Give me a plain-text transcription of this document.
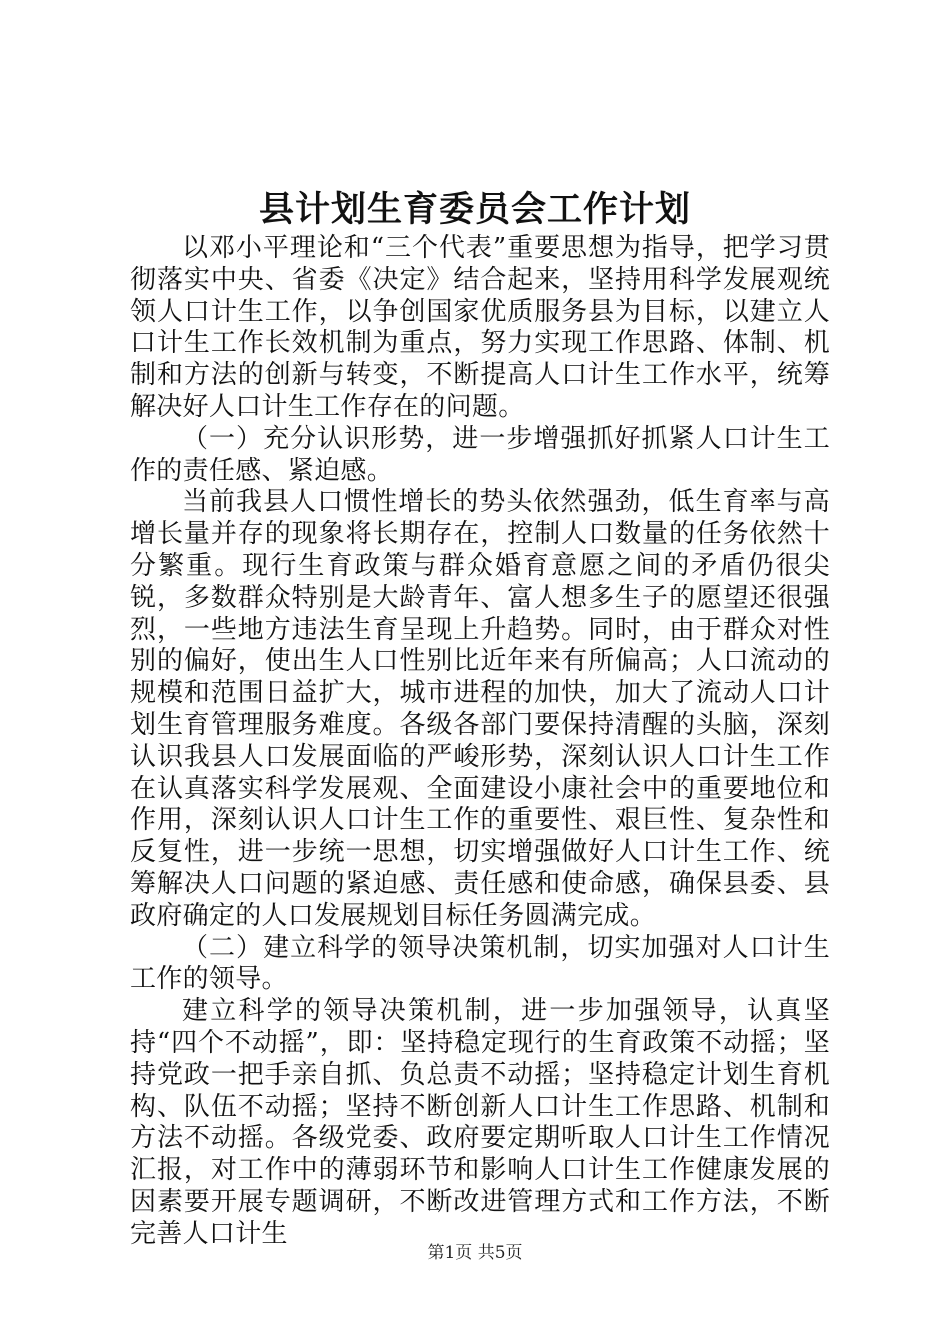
县计划生育委员会工作计划

以邓小平理论和“三个代表”重要思想为指导，把学习贯彻落实中央、省委《决定》结合起来，坚持用科学发展观统领人口计生工作，以争创国家优质服务县为目标，以建立人口计生工作长效机制为重点，努力实现工作思路、体制、机制和方法的创新与转变，不断提高人口计生工作水平，统筹解决好人口计生工作存在的问题。

（一）充分认识形势，进一步增强抓好抓紧人口计生工作的责任感、紧迫感。

当前我县人口惯性增长的势头依然强劲，低生育率与高增长量并存的现象将长期存在，控制人口数量的任务依然十分繁重。现行生育政策与群众婚育意愿之间的矛盾仍很尖锐，多数群众特别是大龄青年、富人想多生子的愿望还很强烈，一些地方违法生育呈现上升趋势。同时，由于群众对性别的偏好，使出生人口性别比近年来有所偏高；人口流动的规模和范围日益扩大，城市进程的加快，加大了流动人口计划生育管理服务难度。各级各部门要保持清醒的头脑，深刻认识我县人口发展面临的严峻形势，深刻认识人口计生工作在认真落实科学发展观、全面建设小康社会中的重要地位和作用，深刻认识人口计生工作的重要性、艰巨性、复杂性和反复性，进一步统一思想，切实增强做好人口计生工作、统筹解决人口问题的紧迫感、责任感和使命感，确保县委、县政府确定的人口发展规划目标任务圆满完成。

（二）建立科学的领导决策机制，切实加强对人口计生工作的领导。

建立科学的领导决策机制，进一步加强领导，认真坚持“四个不动摇”，即：坚持稳定现行的生育政策不动摇；坚持党政一把手亲自抓、负总责不动摇；坚持稳定计划生育机构、队伍不动摇；坚持不断创新人口计生工作思路、机制和方法不动摇。各级党委、政府要定期听取人口计生工作情况汇报，对工作中的薄弱环节和影响人口计生工作健康发展的因素要开展专题调研，不断改进管理方式和工作方法，不断完善人口计生

第1页 共5页
